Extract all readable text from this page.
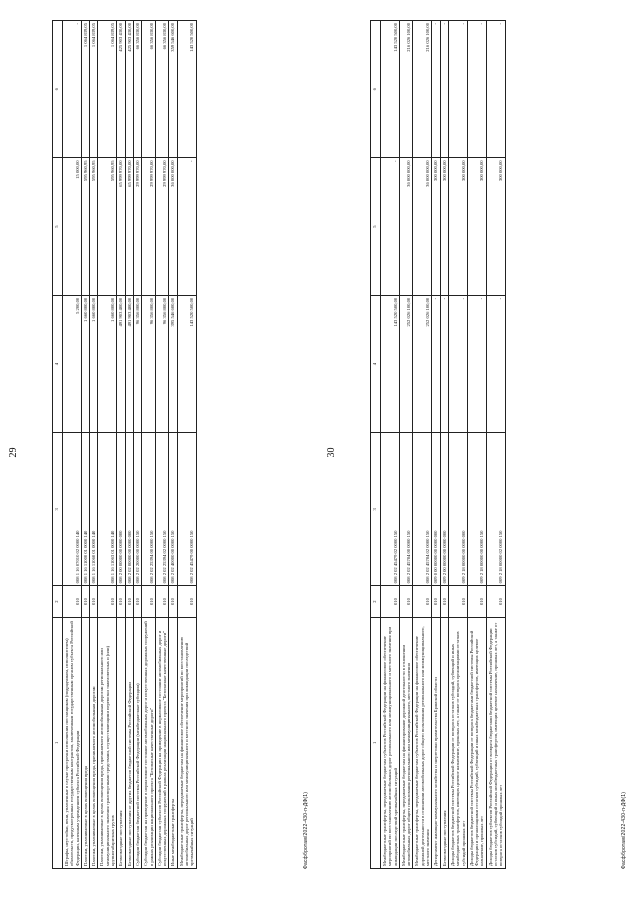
29
1	2	3	4	5	6
Штрафы, неустойки, пени, уплаченные в случае просрочки исполнения поставщиком (подрядчиком, исполнителем) обязательств, предусмотренных государственным контрактом, заключенным государственным органом субъекта Российской Федерации, казенным учреждением субъекта Российской Федерации	010	008 1 16 07010 02 0000 140	5 200,00	15 000,00	-
Платежи, уплачиваемые в целях возмещения вреда	010	008 1 16 11000 01 0000 140	1 660 800,00	595 960,95	1 064 839,05
Платежи, уплачиваемые в целях возмещения вреда, причиняемого автомобильным дорогам	010	008 1 16 11060 01 0000 140	1 660 800,00	595 960,95	1 064 839,05
Платежи, уплачиваемые в целях возмещения вреда, причиняемого автомобильным дорогам регионального или межмуниципального значения транспортными средствами, осуществляющими перевозки тяжеловесных и (или) крупногабаритных грузов	010	008 1 16 11063 01 0000 140	1 660 800,00	595 960,95	1 064 839,05
Безвозмездные поступления	010	008 2 00 00000 00 0000 000	491 903 400,00	65 999 970,00	425 903 430,00
Безвозмездные поступления от других бюджетов бюджетной системы Российской Федерации	010	008 2 02 00000 00 0000 000	491 903 400,00	65 999 970,00	425 903 430,00
Субсидии бюджетам бюджетной системы Российской Федерации (межбюджетные субсидии)	010	008 2 02 20000 00 0000 150	96 356 800,00	29 999 970,00	66 356 830,00
Субсидии бюджетам на приведение в нормативное состояние автомобильных дорог и искусственных дорожных сооружений в рамках реализации национального проекта "Безопасные качественные дороги"	010	008 2 02 25394 00 0000 150	96 356 800,00	29 999 970,00	66 356 830,00
Субсидии бюджетам субъектов Российской Федерации на приведение в нормативное состояние автомобильных дорог и искусственных дорожных сооружений в рамках реализации национального проекта "Безопасные качественные дороги"	010	008 2 02 25394 02 0000 150	96 356 800,00	29 999 970,00	66 356 830,00
Иные межбюджетные трансферты	010	008 2 02 40000 00 0000 150	395 546 600,00	36 000 000,00	359 546 600,00
Межбюджетные трансферты, передаваемые бюджетам на финансовое обеспечение мероприятий по восстановлению автомобильных дорог регионального или межмуниципального и местного значения при ликвидации последствий чрезвычайных ситуаций	010	008 2 02 45479 00 0000 150	143 520 500,00	-	143 520 500,00
Фасфбротам/2022-430-п-ДФ(1)
30
1	2	3	4	5	6
Межбюджетные трансферты, передаваемые бюджетам субъектов Российской Федерации на финансовое обеспечение мероприятий по восстановлению автомобильных дорог регионального или межмуниципального и местного значения при ликвидации последствий чрезвычайных ситуаций	010	008 2 02 45479 02 0000 150	143 520 500,00	-	143 520 500,00
Межбюджетные трансферты, передаваемые бюджетам на финансирование дорожной деятельности в отношении автомобильных дорог общего пользования регионального или межмуниципального, местного значения	010	008 2 02 45784 00 0000 150	252 026 100,00	36 000 000,00	216 026 100,00
Межбюджетные трансферты, передаваемые бюджетам субъектов Российской Федерации на финансовое обеспечение дорожной деятельности в отношении автомобильных дорог общего пользования регионального или межмуниципального, местного значения	010	008 2 02 45784 02 0000 150	252 026 100,00	36 000 000,00	216 026 100,00
Департамент жилищно-коммунального хозяйства и энергетики правительства Брянской области	010	009 0 00 00000 00 0000 000	-	300 000,00	-
Безвозмездные поступления	010	009 2 00 00000 00 0000 000	-	300 000,00	-
Доходы бюджетов бюджетной системы Российской Федерации от возврата остатков субсидий, субвенций и иных межбюджетных трансфертов, имеющих целевое назначение, прошлых лет, а также от возврата организациями остатков субсидий прошлых лет	010	009 2 18 00000 00 0000 000	-	300 000,00	-
Доходы бюджетов бюджетной системы Российской Федерации от возврата бюджетами бюджетной системы Российской Федерации и организациями остатков субсидий, субвенций и иных межбюджетных трансфертов, имеющих целевое назначение, прошлых лет	010	009 2 18 00000 00 0000 150	-	300 000,00	-
Доходы бюджетов субъектов Российской Федерации от возврата бюджетами бюджетной системы Российской Федерации остатков субсидий, субвенций и иных межбюджетных трансфертов, имеющих целевое назначение, прошлых лет, а также от возврата остатков субсидий прошлых лет	010	009 2 18 00000 02 0000 150	-	300 000,00	-
Фасфбротам/2022-430-п-ДФ(1)
